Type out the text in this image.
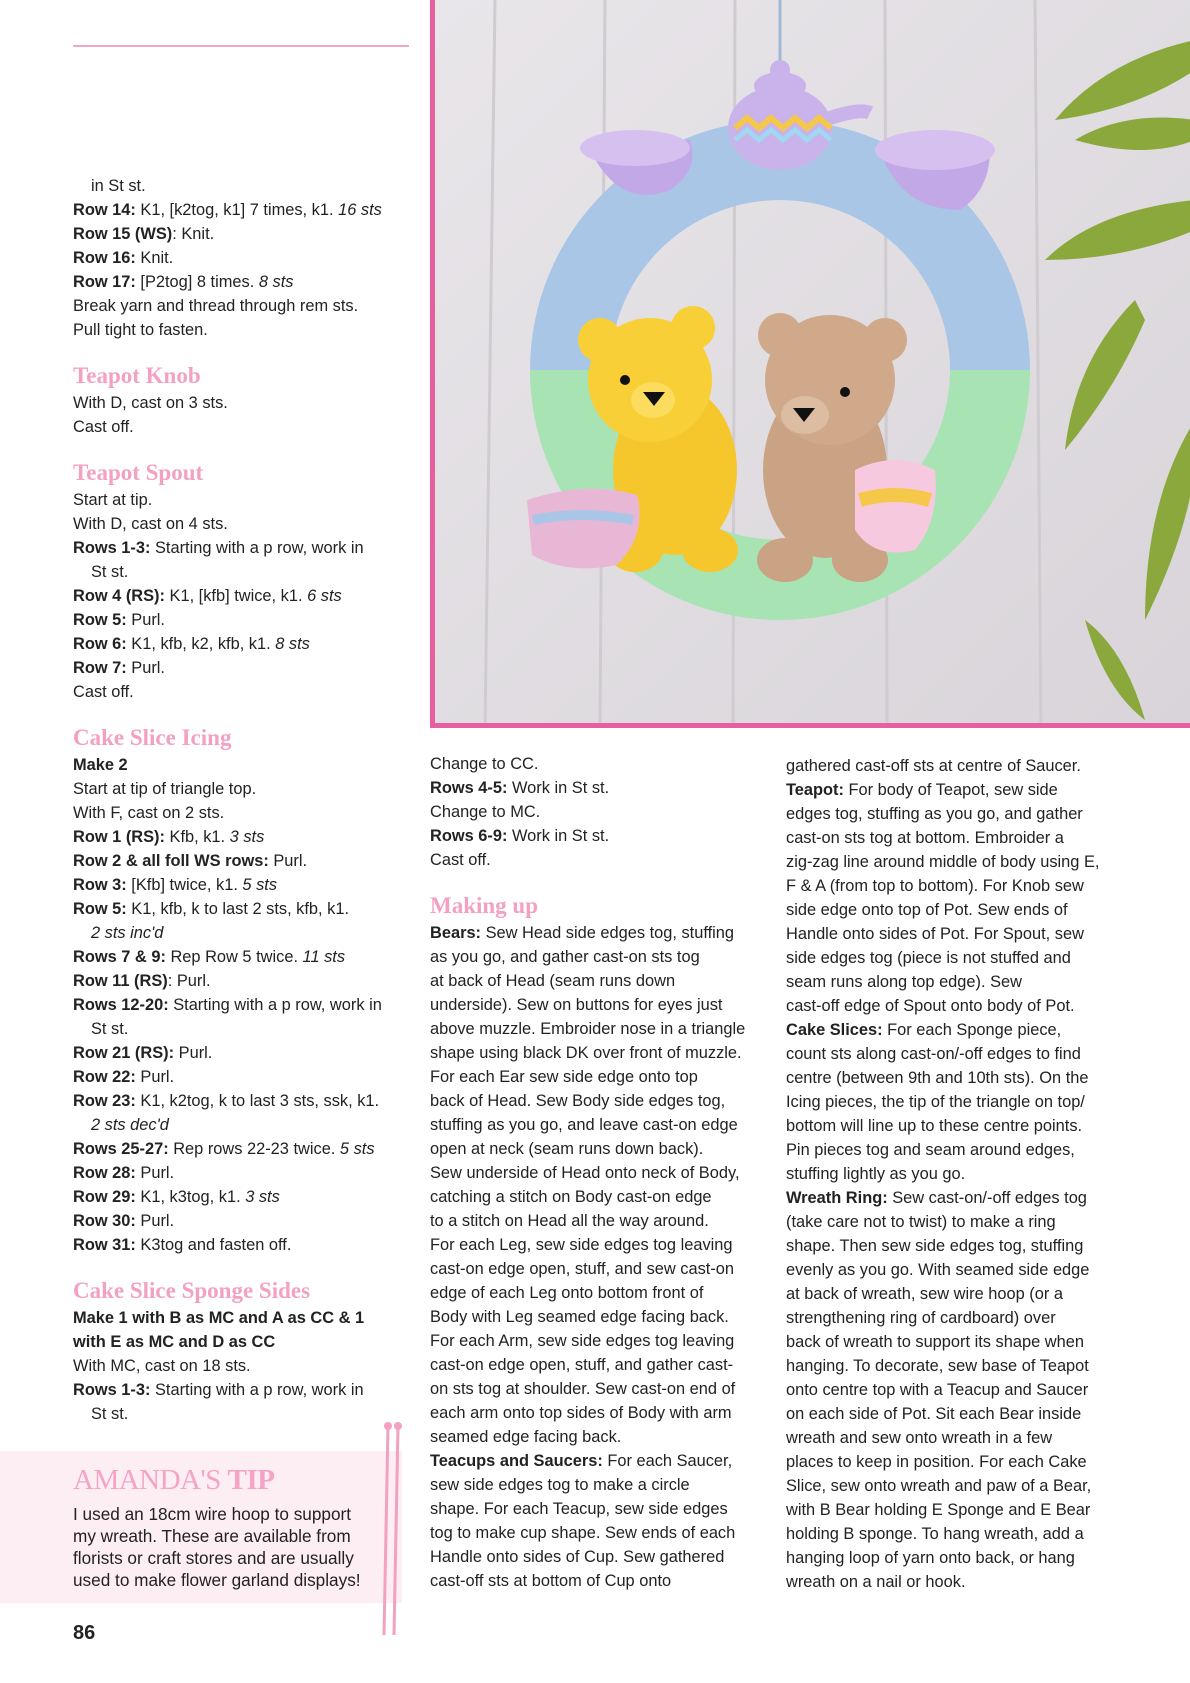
in St st.

Row 14: K1, [k2tog, k1] 7 times, k1. 16 sts

Row 15 (WS): Knit.

Row 16: Knit.

Row 17: [P2tog] 8 times. 8 sts

Break yarn and thread through rem sts.

Pull tight to fasten.

Teapot Knob

With D, cast on 3 sts.

Cast off.

Teapot Spout

Start at tip.

With D, cast on 4 sts.

Rows 1-3: Starting with a p row, work in

St st.

Row 4 (RS): K1, [kfb] twice, k1. 6 sts

Row 5: Purl.

Row 6: K1, kfb, k2, kfb, k1. 8 sts

Row 7: Purl.

Cast off.

Cake Slice Icing

Make 2

Start at tip of triangle top.

With F, cast on 2 sts.

Row 1 (RS): Kfb, k1. 3 sts

Row 2 & all foll WS rows: Purl.

Row 3: [Kfb] twice, k1. 5 sts

Row 5: K1, kfb, k to last 2 sts, kfb, k1.

2 sts inc'd

Rows 7 & 9: Rep Row 5 twice. 11 sts

Row 11 (RS): Purl.

Rows 12-20: Starting with a p row, work in

St st.

Row 21 (RS): Purl.

Row 22: Purl.

Row 23: K1, k2tog, k to last 3 sts, ssk, k1.

2 sts dec'd

Rows 25-27: Rep rows 22-23 twice. 5 sts

Row 28: Purl.

Row 29: K1, k3tog, k1. 3 sts

Row 30: Purl.

Row 31: K3tog and fasten off.

Cake Slice Sponge Sides

Make 1 with B as MC and A as CC & 1

with E as MC and D as CC

With MC, cast on 18 sts.

Rows 1-3: Starting with a p row, work in

St st.

Change to CC.

Rows 4-5: Work in St st.

Change to MC.

Rows 6-9: Work in St st.

Cast off.

Making up

Bears: Sew Head side edges tog, stuffing

as you go, and gather cast-on sts tog

at back of Head (seam runs down

underside). Sew on buttons for eyes just

above muzzle. Embroider nose in a triangle

shape using black DK over front of muzzle.

For each Ear sew side edge onto top

back of Head. Sew Body side edges tog,

stuffing as you go, and leave cast-on edge

open at neck (seam runs down back).

Sew underside of Head onto neck of Body,

catching a stitch on Body cast-on edge

to a stitch on Head all the way around.

For each Leg, sew side edges tog leaving

cast-on edge open, stuff, and sew cast-on

edge of each Leg onto bottom front of

Body with Leg seamed edge facing back.

For each Arm, sew side edges tog leaving

cast-on edge open, stuff, and gather cast-

on sts tog at shoulder. Sew cast-on end of

each arm onto top sides of Body with arm

seamed edge facing back.

Teacups and Saucers: For each Saucer,

sew side edges tog to make a circle

shape. For each Teacup, sew side edges

tog to make cup shape. Sew ends of each

Handle onto sides of Cup. Sew gathered

cast-off sts at bottom of Cup onto

gathered cast-off sts at centre of Saucer.

Teapot: For body of Teapot, sew side

edges tog, stuffing as you go, and gather

cast-on sts tog at bottom. Embroider a

zig-zag line around middle of body using E,

F & A (from top to bottom). For Knob sew

side edge onto top of Pot. Sew ends of

Handle onto sides of Pot. For Spout, sew

side edges tog (piece is not stuffed and

seam runs along top edge). Sew

cast-off edge of Spout onto body of Pot.

Cake Slices: For each Sponge piece,

count sts along cast-on/-off edges to find

centre (between 9th and 10th sts). On the

Icing pieces, the tip of the triangle on top/

bottom will line up to these centre points.

Pin pieces tog and seam around edges,

stuffing lightly as you go.

Wreath Ring: Sew cast-on/-off edges tog

(take care not to twist) to make a ring

shape. Then sew side edges tog, stuffing

evenly as you go. With seamed side edge

at back of wreath, sew wire hoop (or a

strengthening ring of cardboard) over

back of wreath to support its shape when

hanging. To decorate, sew base of Teapot

onto centre top with a Teacup and Saucer

on each side of Pot. Sit each Bear inside

wreath and sew onto wreath in a few

places to keep in position. For each Cake

Slice, sew onto wreath and paw of a Bear,

with B Bear holding E Sponge and E Bear

holding B sponge. To hang wreath, add a

hanging loop of yarn onto back, or hang

wreath on a nail or hook.

AMANDA'S TIP

I used an 18cm wire hoop to support

my wreath. These are available from

florists or craft stores and are usually

used to make flower garland displays!

86
